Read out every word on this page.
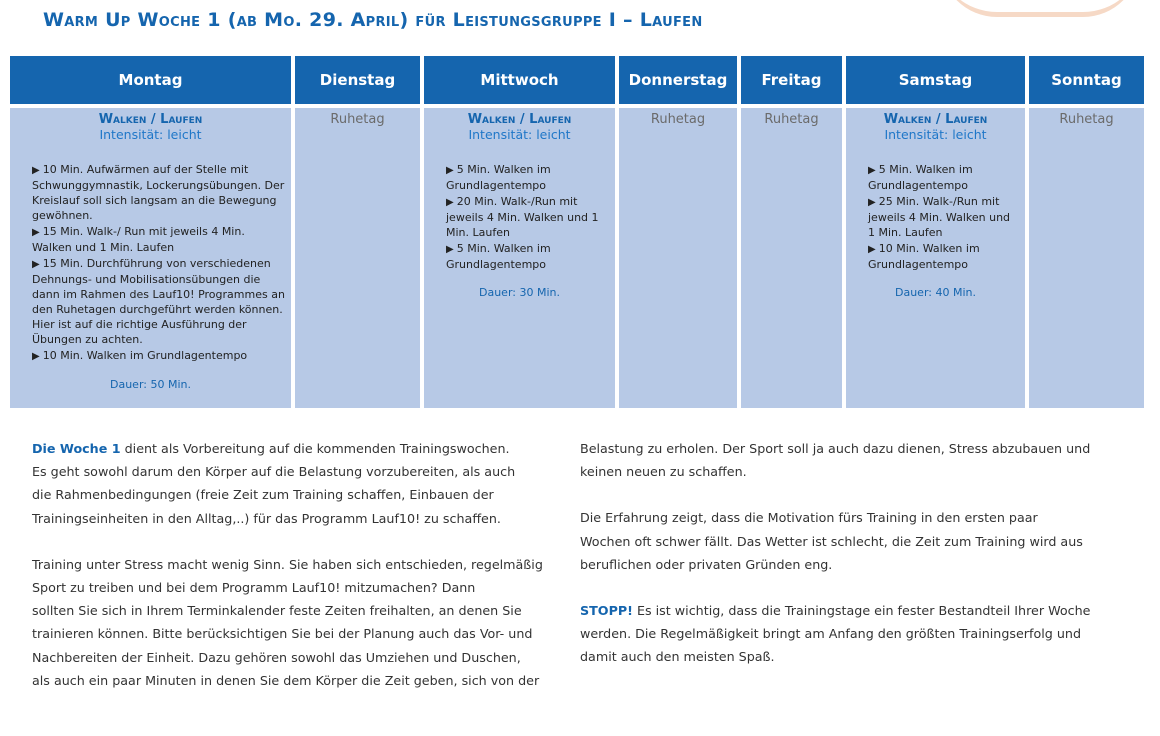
Warm Up Woche 1 (ab Mo. 29. April) für Leistungsgruppe I – Laufen
Montag	Dienstag	Mittwoch	Donnerstag	Freitag	Samstag	Sonntag
Walken / Laufen
Intensität: leicht
▶ 10 Min. Aufwärmen auf der Stelle mit Schwunggymnastik, Lockerungsübungen. Der Kreislauf soll sich langsam an die Bewegung gewöhnen.
▶ 15 Min. Walk-/ Run mit jeweils 4 Min. Walken und 1 Min. Laufen
▶ 15 Min. Durchführung von verschiedenen Dehnungs- und Mobilisationsübungen die dann im Rahmen des Lauf10! Programmes an den Ruhetagen durchgeführt werden können. Hier ist auf die richtige Ausführung der Übungen zu achten.
▶ 10 Min. Walken im Grundlagentempo
Dauer: 50 Min.
Ruhetag	Walken / Laufen
Intensität: leicht
▶ 5 Min. Walken im Grundlagentempo
▶ 20 Min. Walk-/Run mit jeweils 4 Min. Walken und 1 Min. Laufen
▶ 5 Min. Walken im Grundlagentempo
Dauer: 30 Min.
Ruhetag	Ruhetag	Walken / Laufen
Intensität: leicht
▶ 5 Min. Walken im Grundlagentempo
▶ 25 Min. Walk-/Run mit jeweils 4 Min. Walken und 1 Min. Laufen
▶ 10 Min. Walken im Grundlagentempo
Dauer: 40 Min.
Ruhetag

Die Woche 1 dient als Vorbereitung auf die kommenden Trainingswochen.
Es geht sowohl darum den Körper auf die Belastung vorzubereiten, als auch
die Rahmenbedingungen (freie Zeit zum Training schaffen, Einbauen der
Trainingseinheiten in den Alltag,..) für das Programm Lauf10! zu schaffen.

Training unter Stress macht wenig Sinn. Sie haben sich entschieden, regelmäßig
Sport zu treiben und bei dem Programm Lauf10! mitzumachen? Dann
sollten Sie sich in Ihrem Terminkalender feste Zeiten freihalten, an denen Sie
trainieren können. Bitte berücksichtigen Sie bei der Planung auch das Vor- und
Nachbereiten der Einheit. Dazu gehören sowohl das Umziehen und Duschen,
als auch ein paar Minuten in denen Sie dem Körper die Zeit geben, sich von der

Belastung zu erholen. Der Sport soll ja auch dazu dienen, Stress abzubauen und
keinen neuen zu schaffen.

Die Erfahrung zeigt, dass die Motivation fürs Training in den ersten paar
Wochen oft schwer fällt. Das Wetter ist schlecht, die Zeit zum Training wird aus
beruflichen oder privaten Gründen eng.

STOPP! Es ist wichtig, dass die Trainingstage ein fester Bestandteil Ihrer Woche
werden. Die Regelmäßigkeit bringt am Anfang den größten Trainingserfolg und
damit auch den meisten Spaß.
